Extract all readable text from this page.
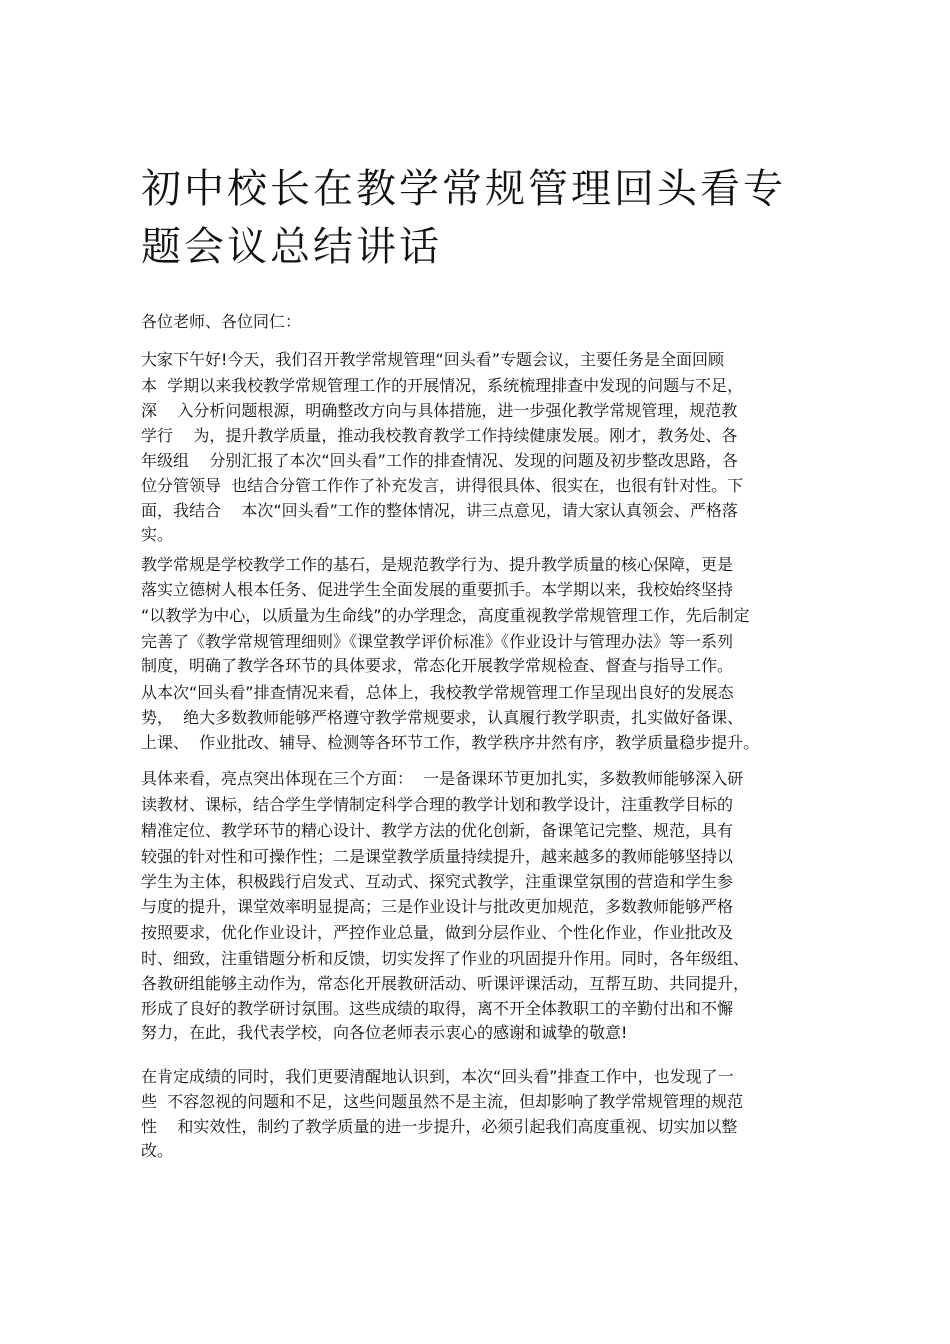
初中校长在教学常规管理回头看专题会议总结讲话

各位老师、各位同仁：

大家下午好!今天，我们召开教学常规管理“回头看”专题会议，主要任务是全面回顾

本  学期以来我校教学常规管理工作的开展情况，系统梳理排查中发现的问题与不足，

深    入分析问题根源，明确整改方向与具体措施，进一步强化教学常规管理，规范教

学行    为，提升教学质量，推动我校教育教学工作持续健康发展。刚才，教务处、各

年级组    分别汇报了本次“回头看”工作的排查情况、发现的问题及初步整改思路，各

位分管领导  也结合分管工作作了补充发言，讲得很具体、很实在，也很有针对性。下

面，我结合    本次“回头看”工作的整体情况，讲三点意见，请大家认真领会、严格落

实。

教学常规是学校教学工作的基石，是规范教学行为、提升教学质量的核心保障，更是

落实立德树人根本任务、促进学生全面发展的重要抓手。本学期以来，我校始终坚持

“以教学为中心，以质量为生命线”的办学理念，高度重视教学常规管理工作，先后制定

完善了《教学常规管理细则》《课堂教学评价标准》《作业设计与管理办法》等一系列

制度，明确了教学各环节的具体要求，常态化开展教学常规检查、督查与指导工作。

从本次“回头看”排查情况来看，总体上，我校教学常规管理工作呈现出良好的发展态

势，  绝大多数教师能够严格遵守教学常规要求，认真履行教学职责，扎实做好备课、

上课、  作业批改、辅导、检测等各环节工作，教学秩序井然有序，教学质量稳步提升。

具体来看，亮点突出体现在三个方面：  一是备课环节更加扎实，多数教师能够深入研

读教材、课标，结合学生学情制定科学合理的教学计划和教学设计，注重教学目标的

精准定位、教学环节的精心设计、教学方法的优化创新，备课笔记完整、规范，具有

较强的针对性和可操作性；二是课堂教学质量持续提升，越来越多的教师能够坚持以

学生为主体，积极践行启发式、互动式、探究式教学，注重课堂氛围的营造和学生参

与度的提升，课堂效率明显提高；三是作业设计与批改更加规范，多数教师能够严格

按照要求，优化作业设计，严控作业总量，做到分层作业、个性化作业，作业批改及

时、细致，注重错题分析和反馈，切实发挥了作业的巩固提升作用。同时，各年级组、

各教研组能够主动作为，常态化开展教研活动、听课评课活动，互帮互助、共同提升，

形成了良好的教学研讨氛围。这些成绩的取得，离不开全体教职工的辛勤付出和不懈

努力，在此，我代表学校，向各位老师表示衷心的感谢和诚挚的敬意!

在肯定成绩的同时，我们更要清醒地认识到，本次“回头看”排查工作中，也发现了一

些  不容忽视的问题和不足，这些问题虽然不是主流，但却影响了教学常规管理的规范

性    和实效性，制约了教学质量的进一步提升，必须引起我们高度重视、切实加以整

改。
